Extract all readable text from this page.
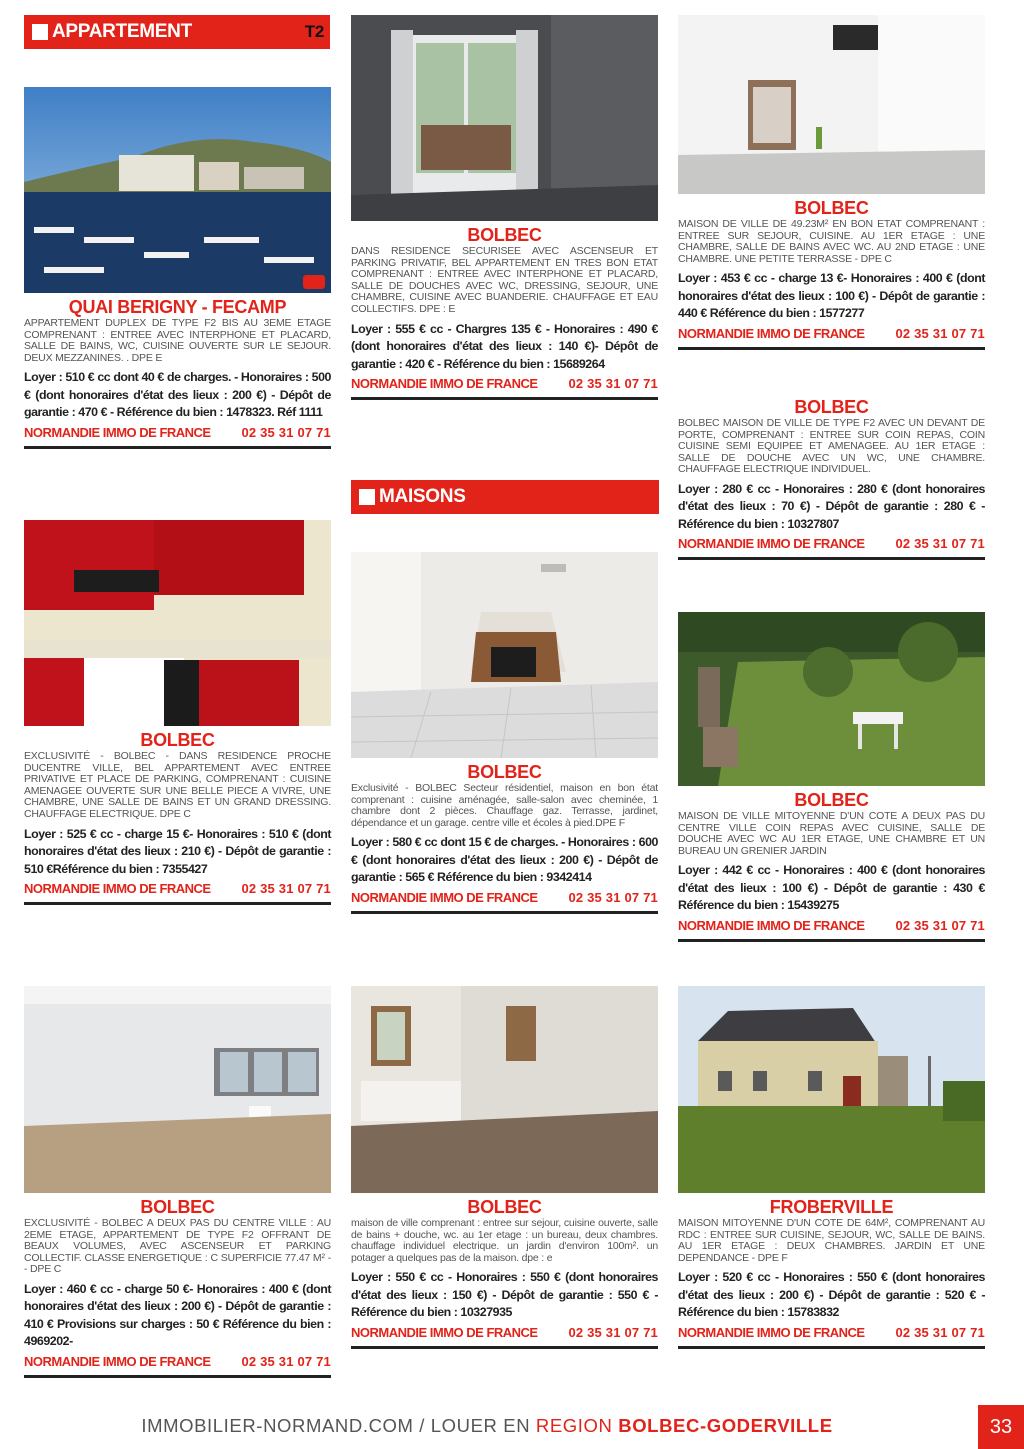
APPARTEMENT	T2
QUAI BERIGNY - FECAMP
APPARTEMENT DUPLEX DE TYPE F2 BIS AU 3EME ETAGE COMPRENANT : ENTREE AVEC INTERPHONE ET PLACARD, SALLE DE BAINS, WC, CUISINE OUVERTE SUR LE SEJOUR. DEUX MEZZANINES. . DPE E
Loyer : 510 € cc dont 40 € de charges. - Honoraires : 500 € (dont honoraires d'état des lieux : 200 €) - Dépôt de garantie : 470 € - Référence du bien : 1478323. Réf 1111
NORMANDIE IMMO DE FRANCE 02 35 31 07 71
BOLBEC
EXCLUSIVITÉ - BOLBEC - DANS RESIDENCE PROCHE DUCENTRE VILLE, BEL APPARTEMENT AVEC ENTREE PRIVATIVE ET PLACE DE PARKING, COMPRENANT : CUISINE AMENAGEE OUVERTE SUR UNE BELLE PIECE A VIVRE, UNE CHAMBRE, UNE SALLE DE BAINS ET UN GRAND DRESSING. CHAUFFAGE ELECTRIQUE. DPE C
Loyer : 525 € cc - charge 15 €- Honoraires : 510 € (dont honoraires d'état des lieux : 210 €) - Dépôt de garantie : 510 €Référence du bien : 7355427
NORMANDIE IMMO DE FRANCE 02 35 31 07 71
BOLBEC
EXCLUSIVITÉ - BOLBEC A DEUX PAS DU CENTRE VILLE : AU 2EME ETAGE, APPARTEMENT DE TYPE F2 OFFRANT DE BEAUX VOLUMES, AVEC ASCENSEUR ET PARKING COLLECTIF. CLASSE ENERGETIQUE : C SUPERFICIE 77.47 M² - - DPE C
Loyer : 460 € cc - charge 50 €- Honoraires : 400 € (dont honoraires d'état des lieux : 200 €) - Dépôt de garantie : 410 € Provisions sur charges : 50 € Référence du bien : 4969202-
NORMANDIE IMMO DE FRANCE 02 35 31 07 71
BOLBEC
DANS RESIDENCE SECURISEE AVEC ASCENSEUR ET PARKING PRIVATIF, BEL APPARTEMENT EN TRES BON ETAT COMPRENANT : ENTREE AVEC INTERPHONE ET PLACARD, SALLE DE DOUCHES AVEC WC, DRESSING, SEJOUR, UNE CHAMBRE, CUISINE AVEC BUANDERIE. CHAUFFAGE ET EAU COLLECTIFS. DPE : E
Loyer : 555 € cc - Chargres 135 € - Honoraires : 490 € (dont honoraires d'état des lieux : 140 €)- Dépôt de garantie : 420 € - Référence du bien : 15689264
NORMANDIE IMMO DE FRANCE 02 35 31 07 71
MAISONS
BOLBEC
Exclusivité - BOLBEC Secteur résidentiel, maison en bon état comprenant : cuisine aménagée, salle-salon avec cheminée, 1 chambre dont 2 pièces. Chauffage gaz. Terrasse, jardinet, dépendance et un garage. centre ville et écoles à pied.DPE F
Loyer : 580 € cc dont 15 € de charges. - Honoraires : 600 € (dont honoraires d'état des lieux : 200 €) - Dépôt de garantie : 565 € Référence du bien : 9342414
NORMANDIE IMMO DE FRANCE 02 35 31 07 71
BOLBEC
maison de ville comprenant : entree sur sejour, cuisine ouverte, salle de bains + douche, wc. au 1er etage : un bureau, deux chambres. chauffage individuel electrique. un jardin d'environ 100m². un potager a quelques pas de la maison. dpe : e
Loyer : 550 € cc - Honoraires : 550 € (dont honoraires d'état des lieux : 150 €) - Dépôt de garantie : 550 € - Référence du bien : 10327935
NORMANDIE IMMO DE FRANCE 02 35 31 07 71
BOLBEC
MAISON DE VILLE DE 49.23M² EN BON ETAT COMPRENANT : ENTREE SUR SEJOUR, CUISINE. AU 1ER ETAGE : UNE CHAMBRE, SALLE DE BAINS AVEC WC. AU 2ND ETAGE : UNE CHAMBRE. UNE PETITE TERRASSE - DPE C
Loyer : 453 € cc - charge 13 €- Honoraires : 400 € (dont honoraires d'état des lieux : 100 €) - Dépôt de garantie : 440 € Référence du bien : 1577277
NORMANDIE IMMO DE FRANCE 02 35 31 07 71
BOLBEC
BOLBEC MAISON DE VILLE DE TYPE F2 AVEC UN DEVANT DE PORTE, COMPRENANT : ENTREE SUR COIN REPAS, COIN CUISINE SEMI EQUIPEE ET AMENAGEE. AU 1ER ETAGE : SALLE DE DOUCHE AVEC UN WC, UNE CHAMBRE. CHAUFFAGE ELECTRIQUE INDIVIDUEL.
Loyer : 280 € cc - Honoraires : 280 € (dont honoraires d'état des lieux : 70 €) - Dépôt de garantie : 280 € - Référence du bien : 10327807
NORMANDIE IMMO DE FRANCE 02 35 31 07 71
BOLBEC
MAISON DE VILLE MITOYENNE D'UN COTE A DEUX PAS DU CENTRE VILLE COIN REPAS AVEC CUISINE, SALLE DE DOUCHE AVEC WC AU 1ER ETAGE, UNE CHAMBRE ET UN BUREAU UN GRENIER JARDIN
Loyer : 442 € cc - Honoraires : 400 € (dont honoraires d'état des lieux : 100 €) - Dépôt de garantie : 430 € Référence du bien : 15439275
NORMANDIE IMMO DE FRANCE 02 35 31 07 71
FROBERVILLE
MAISON MITOYENNE D'UN COTE DE 64M², COMPRENANT AU RDC : ENTREE SUR CUISINE, SEJOUR, WC, SALLE DE BAINS. AU 1ER ETAGE : DEUX CHAMBRES. JARDIN ET UNE DEPENDANCE - DPE F
Loyer : 520 € cc - Honoraires : 550 € (dont honoraires d'état des lieux : 200 €) - Dépôt de garantie : 520 € - Référence du bien : 15783832
NORMANDIE IMMO DE FRANCE 02 35 31 07 71
IMMOBILIER-NORMAND.COM / LOUER EN REGION BOLBEC-GODERVILLE	33
